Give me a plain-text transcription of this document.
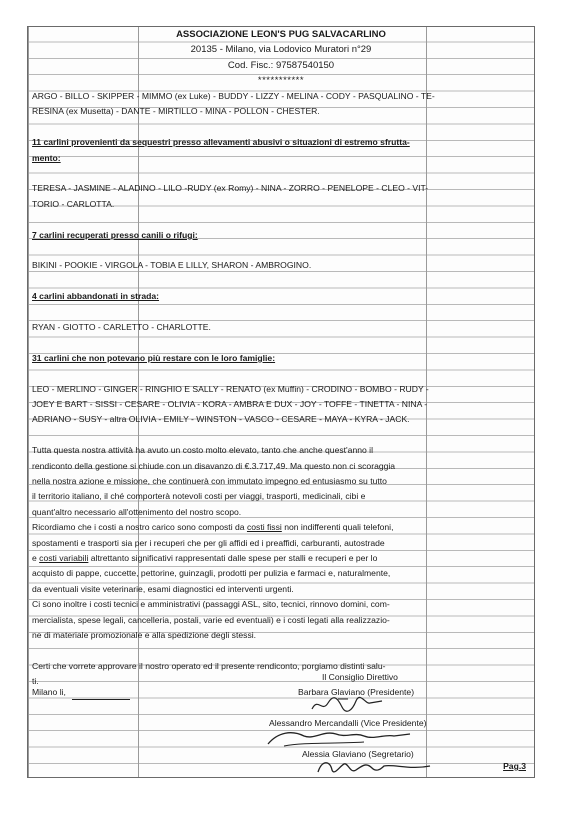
ASSOCIAZIONE LEON'S PUG SALVACARLINO
20135 - Milano, via Lodovico Muratori n°29
Cod. Fisc.: 97587540150
***********
ARGO - BILLO - SKIPPER - MIMMO (ex Luke) - BUDDY - LIZZY - MELINA - CODY - PASQUALINO - TE-
RESINA (ex Musetta) - DANTE - MIRTILLO - MINA - POLLON - CHESTER.
11 carlini provenienti da sequestri presso allevamenti abusivi o situazioni di estremo sfrutta-
mento:
TERESA - JASMINE - ALADINO - LILO -RUDY (ex Romy) - NINA - ZORRO - PENELOPE - CLEO - VIT-
TORIO - CARLOTTA.
7 carlini recuperati presso canili o rifugi:
BIKINI - POOKIE - VIRGOLA - TOBIA E LILLY, SHARON - AMBROGINO.
4 carlini abbandonati in strada:
RYAN - GIOTTO - CARLETTO - CHARLOTTE.
31 carlini che non potevano più restare con le loro famiglie:
LEO - MERLINO - GINGER - RINGHIO E SALLY - RENATO (ex Muffin) - CRODINO - BOMBO - RUDY -
JOEY E BART - SISSI - CESARE - OLIVIA - KORA - AMBRA E DUX - JOY - TOFFE - TINETTA - NINA -
ADRIANO - SUSY - altra OLIVIA - EMILY - WINSTON - VASCO - CESARE - MAYA - KYRA - JACK.
Tutta questa nostra attività ha avuto un costo molto elevato, tanto che anche quest'anno il
rendiconto della gestione si chiude con un disavanzo di €.3.717,49. Ma questo non ci scoraggia
nella nostra azione e missione, che continuerà con immutato impegno ed entusiasmo su tutto
il territorio italiano, il ché comporterà notevoli costi per viaggi, trasporti, medicinali, cibi e
quant'altro necessario all'ottenimento del nostro scopo.
Ricordiamo che i costi a nostro carico sono composti da costi fissi non indifferenti quali telefoni,
spostamenti e trasporti sia per i recuperi che per gli affidi ed i preaffidi, carburanti, autostrade
e costi variabili altrettanto significativi rappresentati dalle spese per stalli e recuperi e per lo
acquisto di pappe, cuccette, pettorine, guinzagli, prodotti per pulizia e farmaci e, naturalmente,
da eventuali visite veterinarie, esami diagnostici ed interventi urgenti.
Ci sono inoltre i costi tecnici e amministrativi (passaggi ASL, sito, tecnici, rinnovo domini, com-
mercialista, spese legali, cancelleria, postali, varie ed eventuali) e i costi legati alla realizzazio-
ne di materiale promozionale e alla spedizione degli stessi.
Certi che vorrete approvare il nostro operato ed il presente rendiconto, porgiamo distinti salu-
ti.
Milano li,
Il Consiglio Direttivo
Barbara Glaviano (Presidente)
Alessandro Mercandalli (Vice Presidente)
Alessia Glaviano (Segretario)
Pag.3
